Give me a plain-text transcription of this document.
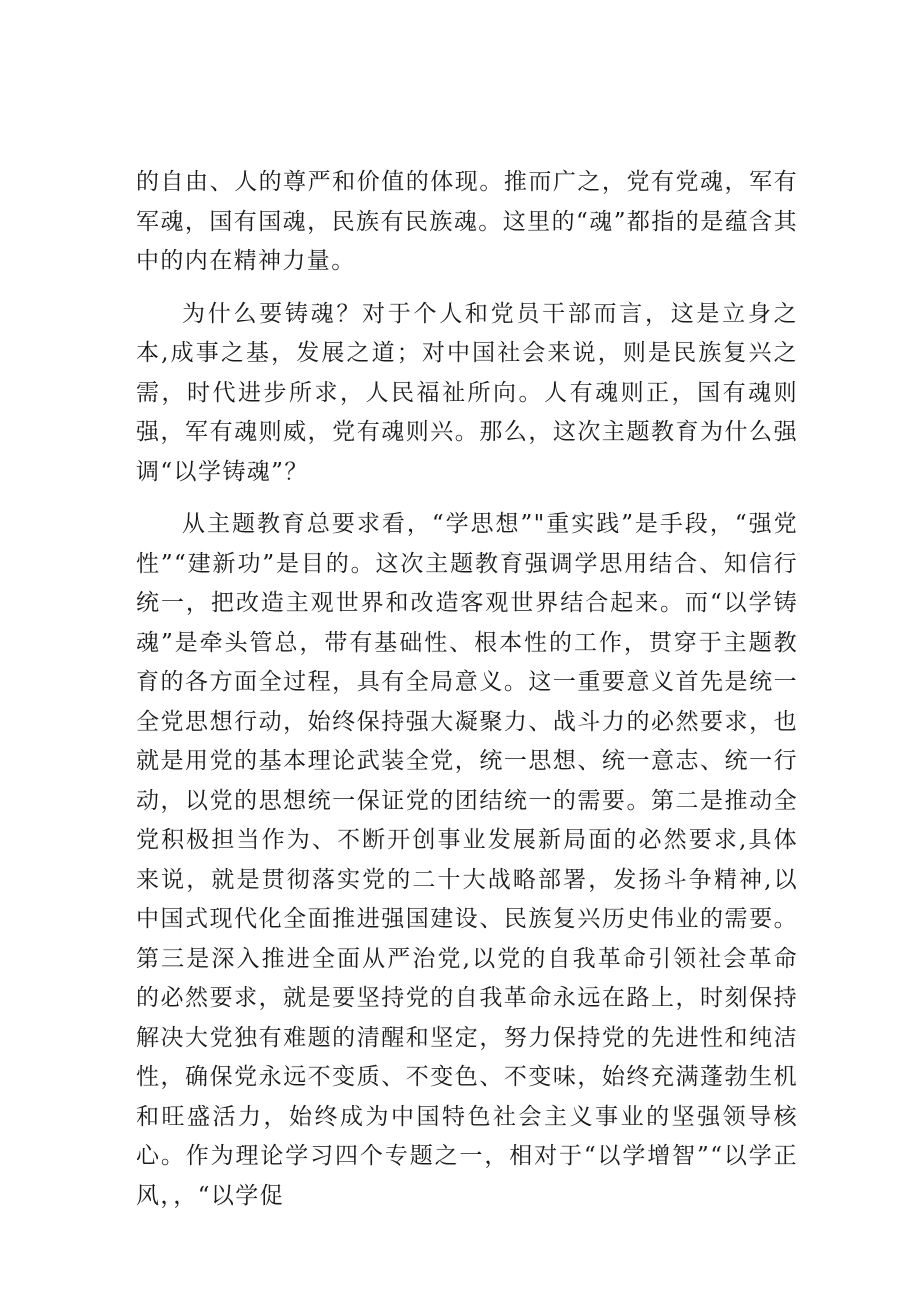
的自由、人的尊严和价值的体现。推而广之，党有党魂，军有军魂，国有国魂，民族有民族魂。这里的“魂”都指的是蕴含其中的内在精神力量。

为什么要铸魂？对于个人和党员干部而言，这是立身之本,成事之基，发展之道；对中国社会来说，则是民族复兴之需，时代进步所求，人民福祉所向。人有魂则正，国有魂则强，军有魂则威，党有魂则兴。那么，这次主题教育为什么强调“以学铸魂”？

从主题教育总要求看，“学思想”"重实践”是手段，“强党性”“建新功”是目的。这次主题教育强调学思用结合、知信行统一，把改造主观世界和改造客观世界结合起来。而“以学铸魂”是牵头管总，带有基础性、根本性的工作，贯穿于主题教育的各方面全过程，具有全局意义。这一重要意义首先是统一全党思想行动，始终保持强大凝聚力、战斗力的必然要求，也就是用党的基本理论武装全党，统一思想、统一意志、统一行动，以党的思想统一保证党的团结统一的需要。第二是推动全党积极担当作为、不断开创事业发展新局面的必然要求,具体来说，就是贯彻落实党的二十大战略部署，发扬斗争精神,以中国式现代化全面推进强国建设、民族复兴历史伟业的需要。第三是深入推进全面从严治党,以党的自我革命引领社会革命的必然要求，就是要坚持党的自我革命永远在路上，时刻保持解决大党独有难题的清醒和坚定，努力保持党的先进性和纯洁性，确保党永远不变质、不变色、不变味，始终充满蓬勃生机和旺盛活力，始终成为中国特色社会主义事业的坚强领导核心。作为理论学习四个专题之一，相对于“以学增智”“以学正风，，“以学促
